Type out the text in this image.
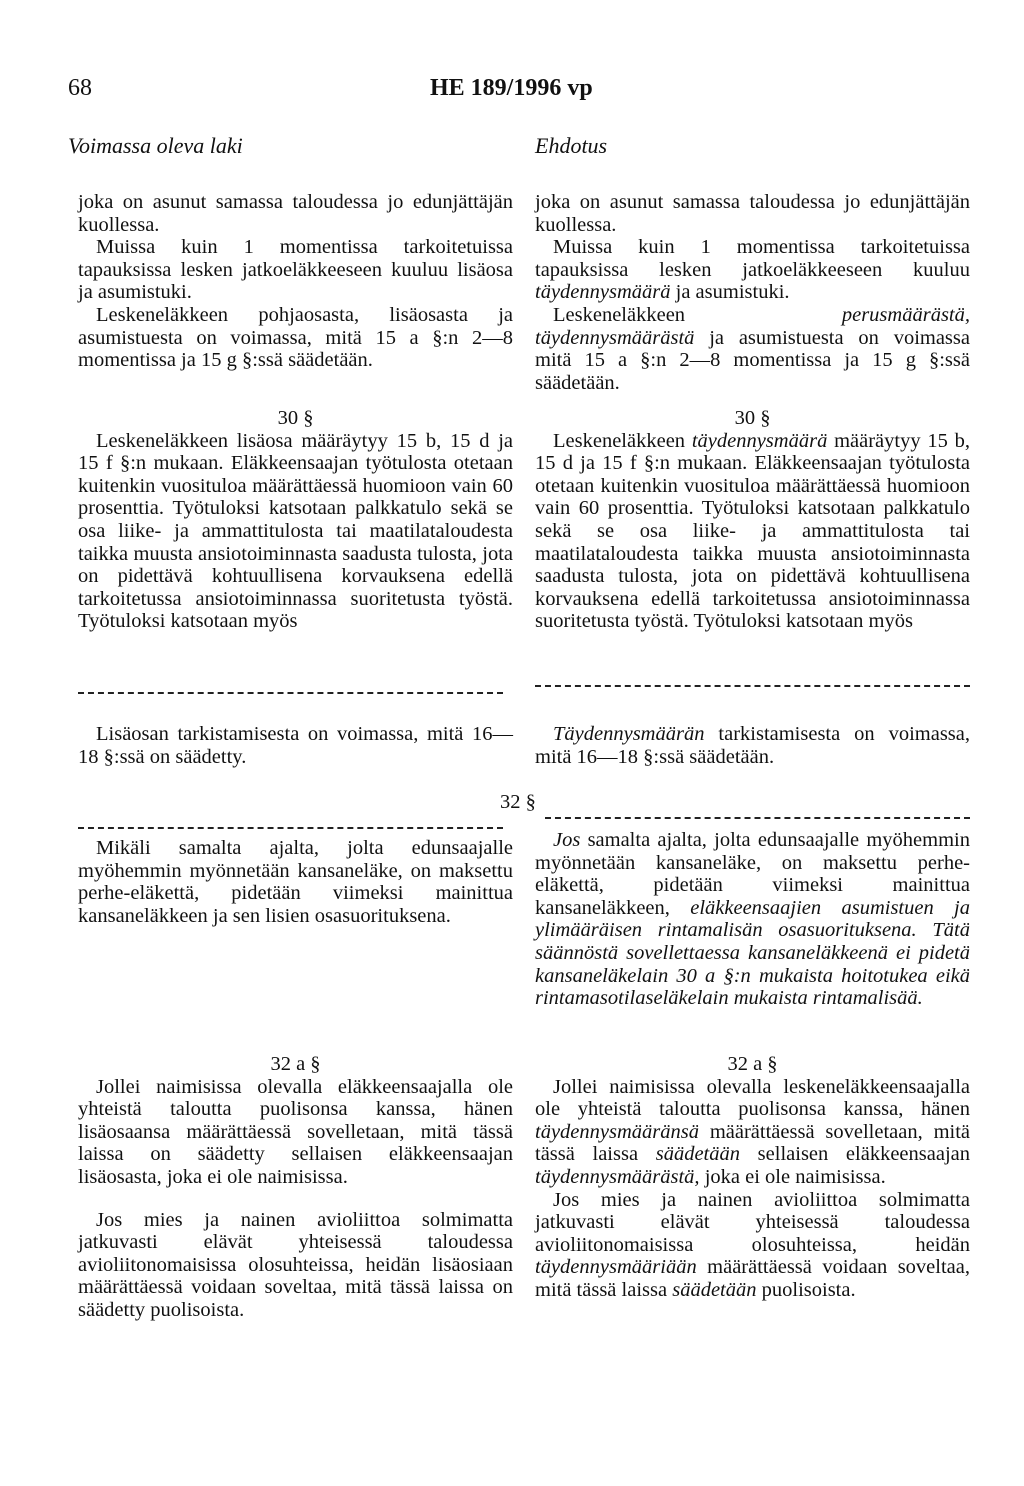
68	HE 189/1996 vp
Voimassa oleva laki	Ehdotus

joka on asunut samassa taloudessa jo edunjättäjän kuollessa.

Muissa kuin 1 momentissa tarkoitetuissa tapauksissa lesken jatkoeläkkeeseen kuuluu lisäosa ja asumistuki.

Leskeneläkkeen pohjaosasta, lisäosasta ja asumistuesta on voimassa, mitä 15 a §:n 2—8 momentissa ja 15 g §:ssä säädetään.

30 §

Leskeneläkkeen lisäosa määräytyy 15 b, 15 d ja 15 f §:n mukaan. Eläkkeensaajan työtulosta otetaan kuitenkin vuosituloa määrättäessä huomioon vain 60 prosenttia. Työtuloksi katsotaan palkkatulo sekä se osa liike- ja ammattitulosta tai maatilataloudesta taikka muusta ansiotoiminnasta saadusta tulosta, jota on pidettävä kohtuullisena korvauksena edellä tarkoitetussa ansiotoiminnassa suoritetusta työstä. Työtuloksi katsotaan myös

Lisäosan tarkistamisesta on voimassa, mitä 16—18 §:ssä on säädetty.

32 §

Mikäli samalta ajalta, jolta edunsaajalle myöhemmin myönnetään kansaneläke, on maksettu perhe-eläkettä, pidetään viimeksi mainittua kansaneläkkeen ja sen lisien osasuorituksena.

32 a §

Jollei naimisissa olevalla eläkkeensaajalla ole yhteistä taloutta puolisonsa kanssa, hänen lisäosaansa määrättäessä sovelletaan, mitä tässä laissa on säädetty sellaisen eläkkeensaajan lisäosasta, joka ei ole naimisissa.

Jos mies ja nainen avioliittoa solmimatta jatkuvasti elävät yhteisessä taloudessa avioliitonomaisissa olosuhteissa, heidän lisäosiaan määrättäessä voidaan soveltaa, mitä tässä laissa on säädetty puolisoista.

joka on asunut samassa taloudessa jo edunjättäjän kuollessa.

Muissa kuin 1 momentissa tarkoitetuissa tapauksissa lesken jatkoeläkkeeseen kuuluu täydennysmäärä ja asumistuki.

Leskeneläkkeen perusmäärästä, täydennysmäärästä ja asumistuesta on voimassa mitä 15 a §:n 2—8 momentissa ja 15 g §:ssä säädetään.

30 §

Leskeneläkkeen täydennysmäärä määräytyy 15 b, 15 d ja 15 f §:n mukaan. Eläkkeensaajan työtulosta otetaan kuitenkin vuosituloa määrättäessä huomioon vain 60 prosenttia. Työtuloksi katsotaan palkkatulo sekä se osa liike- ja ammattitulosta tai maatilataloudesta taikka muusta ansiotoiminnasta saadusta tulosta, jota on pidettävä kohtuullisena korvauksena edellä tarkoitetussa ansiotoiminnassa suoritetusta työstä. Työtuloksi katsotaan myös

Täydennysmäärän tarkistamisesta on voimassa, mitä 16—18 §:ssä säädetään.

Jos samalta ajalta, jolta edunsaajalle myöhemmin myönnetään kansaneläke, on maksettu perhe-eläkettä, pidetään viimeksi mainittua kansaneläkkeen, eläkkeensaajien asumistuen ja ylimääräisen rintamalisän osasuorituksena. Tätä säännöstä sovellettaessa kansaneläkkeenä ei pidetä kansaneläkelain 30 a §:n mukaista hoitotukea eikä rintamasotilaseläkelain mukaista rintamalisää.

32 a §

Jollei naimisissa olevalla leskeneläkkeensaajalla ole yhteistä taloutta puolisonsa kanssa, hänen täydennysmääränsä määrättäessä sovelletaan, mitä tässä laissa säädetään sellaisen eläkkeensaajan täydennysmäärästä, joka ei ole naimisissa.

Jos mies ja nainen avioliittoa solmimatta jatkuvasti elävät yhteisessä taloudessa avioliitonomaisissa olosuhteissa, heidän täydennysmääriään määrättäessä voidaan soveltaa, mitä tässä laissa säädetään puolisoista.
